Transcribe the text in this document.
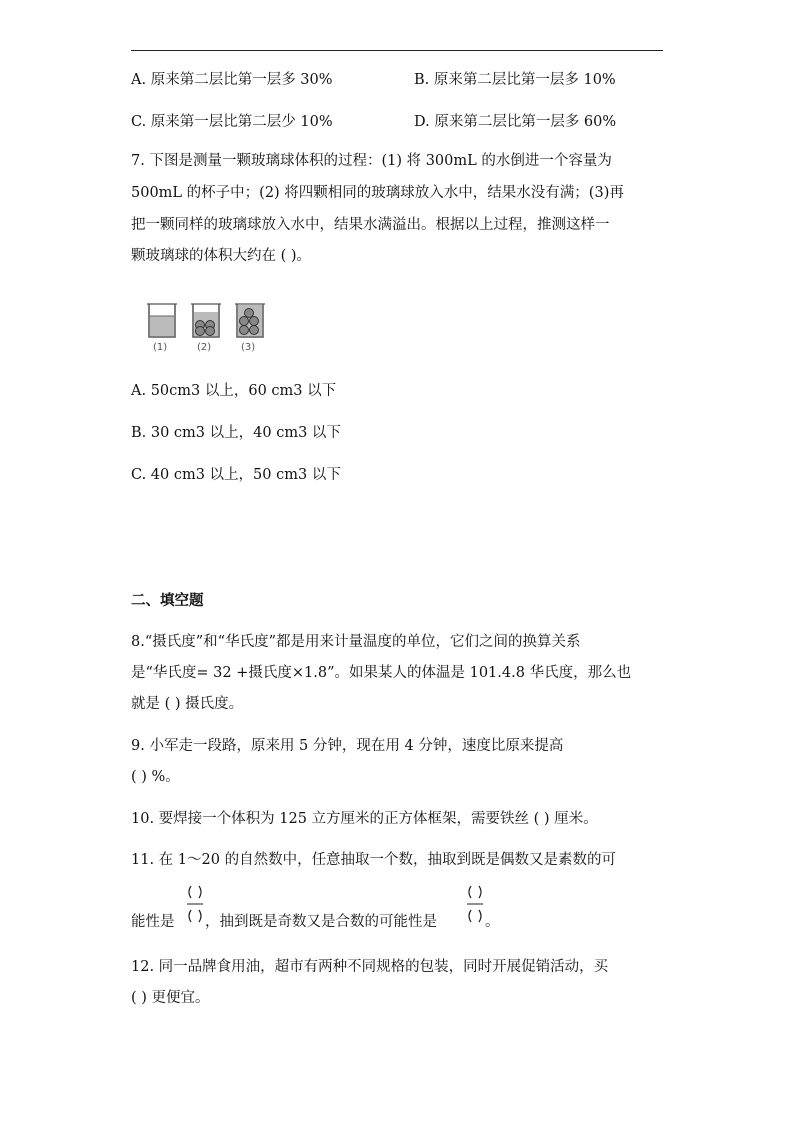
A. 原来第二层比第一层多 30%	B. 原来第二层比第一层多 10%
C. 原来第一层比第二层少 10%	D. 原来第二层比第一层多 60%
7. 下图是测量一颗玻璃球体积的过程：(1) 将 300mL 的水倒进一个容量为
500mL 的杯子中；(2) 将四颗相同的玻璃球放入水中，结果水没有满；(3)再
把一颗同样的玻璃球放入水中，结果水满溢出。根据以上过程，推测这样一
颗玻璃球的体积大约在 ( )。
(1)	(2)	(3)
A. 50cm3 以上，60 cm3 以下
B. 30 cm3 以上，40 cm3 以下
C. 40 cm3 以上，50 cm3 以下
二、填空题
8.“摄氏度”和“华氏度”都是用来计量温度的单位，它们之间的换算关系
是“华氏度= 32 +摄氏度×1.8”。如果某人的体温是 101.4.8 华氏度，那么也
就是 ( ) 摄氏度。
9. 小军走一段路，原来用 5 分钟，现在用 4 分钟，速度比原来提高
( ) %。
10. 要焊接一个体积为 125 立方厘米的正方体框架，需要铁丝 ( ) 厘米。
11. 在 1～20 的自然数中，任意抽取一个数，抽取到既是偶数又是素数的可
能性是 ，抽到既是奇数又是合数的可能性是	。
12. 同一品牌食用油，超市有两种不同规格的包装，同时开展促销活动，买
( ) 更便宜。
